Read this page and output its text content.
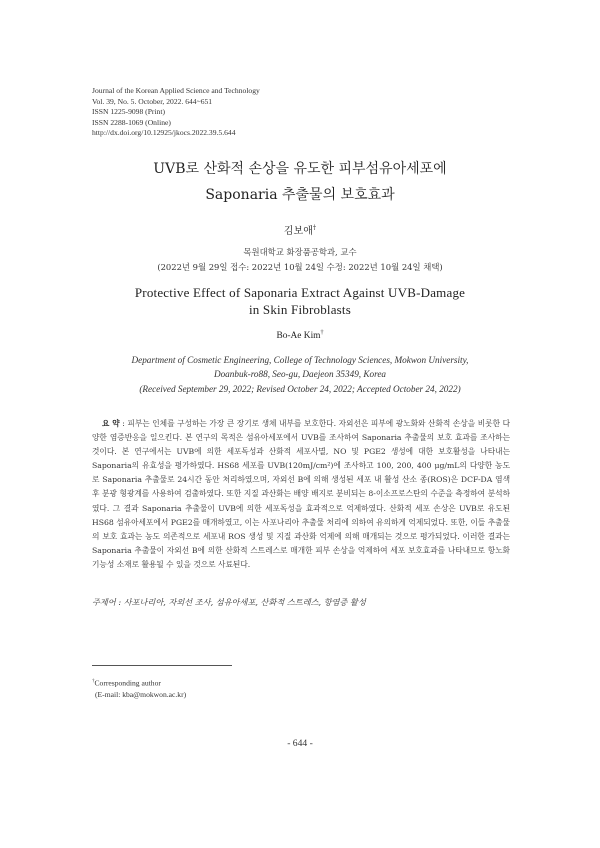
Journal of the Korean Applied Science and Technology
Vol. 39, No. 5. October, 2022. 644~651
ISSN 1225-9098 (Print)
ISSN 2288-1069 (Online)
http://dx.doi.org/10.12925/jkocs.2022.39.5.644
UVB로 산화적 손상을 유도한 피부섬유아세포에
Saponaria 추출물의 보호효과
김보애†
목원대학교 화장품공학과, 교수
(2022년 9월 29일 접수: 2022년 10월 24일 수정: 2022년 10월 24일 채택)
Protective Effect of Saponaria Extract Against UVB-Damage
in Skin Fibroblasts
Bo-Ae Kim†
Department of Cosmetic Engineering, College of Technology Sciences, Mokwon University,
Doanbuk-ro88, Seo-gu, Daejeon 35349, Korea
(Received September 29, 2022; Revised October 24, 2022; Accepted October 24, 2022)
요 약 : 피부는 인체를 구성하는 가장 큰 장기로 생체 내부를 보호한다. 자외선은 피부에 광노화와 산화적 손상을 비롯한 다양한 염증반응을 일으킨다. 본 연구의 목적은 섬유아세포에서 UVB를 조사하여 Saponaria 추출물의 보호 효과를 조사하는 것이다. 본 연구에서는 UVB에 의한 세포독성과 산화적 세포사멸, NO 및 PGE2 생성에 대한 보호활성을 나타내는 Saponaria의 유효성을 평가하였다. HS68 세포를 UVB(120mJ/cm²)에 조사하고 100, 200, 400 μg/mL의 다양한 농도로 Saponaria 추출물로 24시간 동안 처리하였으며, 자외선 B에 의해 생성된 세포 내 활성 산소 종(ROS)은 DCF-DA 염색 후 분광 형광계를 사용하여 검출하였다. 또한 지질 과산화는 배양 배지로 분비되는 8-이소프로스탄의 수준을 측정하여 분석하였다. 그 결과 Saponaria 추출물이 UVB에 의한 세포독성을 효과적으로 억제하였다. 산화적 세포 손상은 UVB로 유도된 HS68 섬유아세포에서 PGE2를 매개하였고, 이는 사포나리아 추출물 처리에 의하여 유의하게 억제되었다. 또한, 이들 추출물의 보호 효과는 농도 의존적으로 세포내 ROS 생성 및 지질 과산화 억제에 의해 매개되는 것으로 평가되었다. 이러한 결과는 Saponaria 추출물이 자외선 B에 의한 산화적 스트레스로 매개한 피부 손상을 억제하여 세포 보호효과를 나타내므로 항노화 기능성 소재로 활용될 수 있을 것으로 사료된다.
주제어 : 사포나리아, 자외선 조사, 섬유아세포, 산화적 스트레스, 항염증 활성
†Corresponding author
(E-mail: kba@mokwon.ac.kr)
- 644 -
